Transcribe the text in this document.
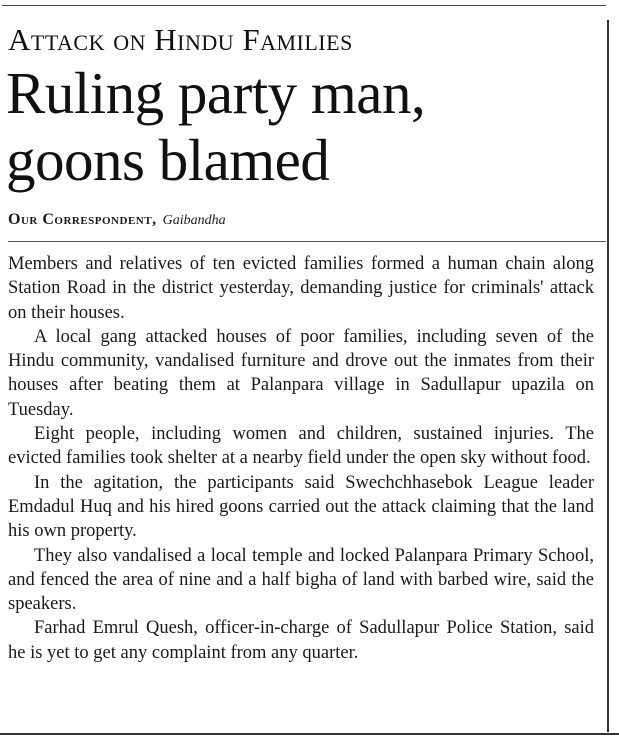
Attack on Hindu Families
Ruling party man,
goons blamed
Our Correspondent, Gaibandha

Members and relatives of ten evicted families formed a human chain along Station Road in the district yesterday, demanding justice for criminals' attack on their houses.

A local gang attacked houses of poor families, including seven of the Hindu community, vandalised furniture and drove out the inmates from their houses after beating them at Palanpara village in Sadullapur upazila on Tuesday.

Eight people, including women and children, sustained injuries. The evicted families took shelter at a nearby field under the open sky without food.

In the agitation, the participants said Swechchhasebok League leader Emdadul Huq and his hired goons carried out the attack claiming that the land his own property.

They also vandalised a local temple and locked Palanpara Primary School, and fenced the area of nine and a half bigha of land with barbed wire, said the speakers.

Farhad Emrul Quesh, officer-in-charge of Sadullapur Police Station, said he is yet to get any complaint from any quarter.
